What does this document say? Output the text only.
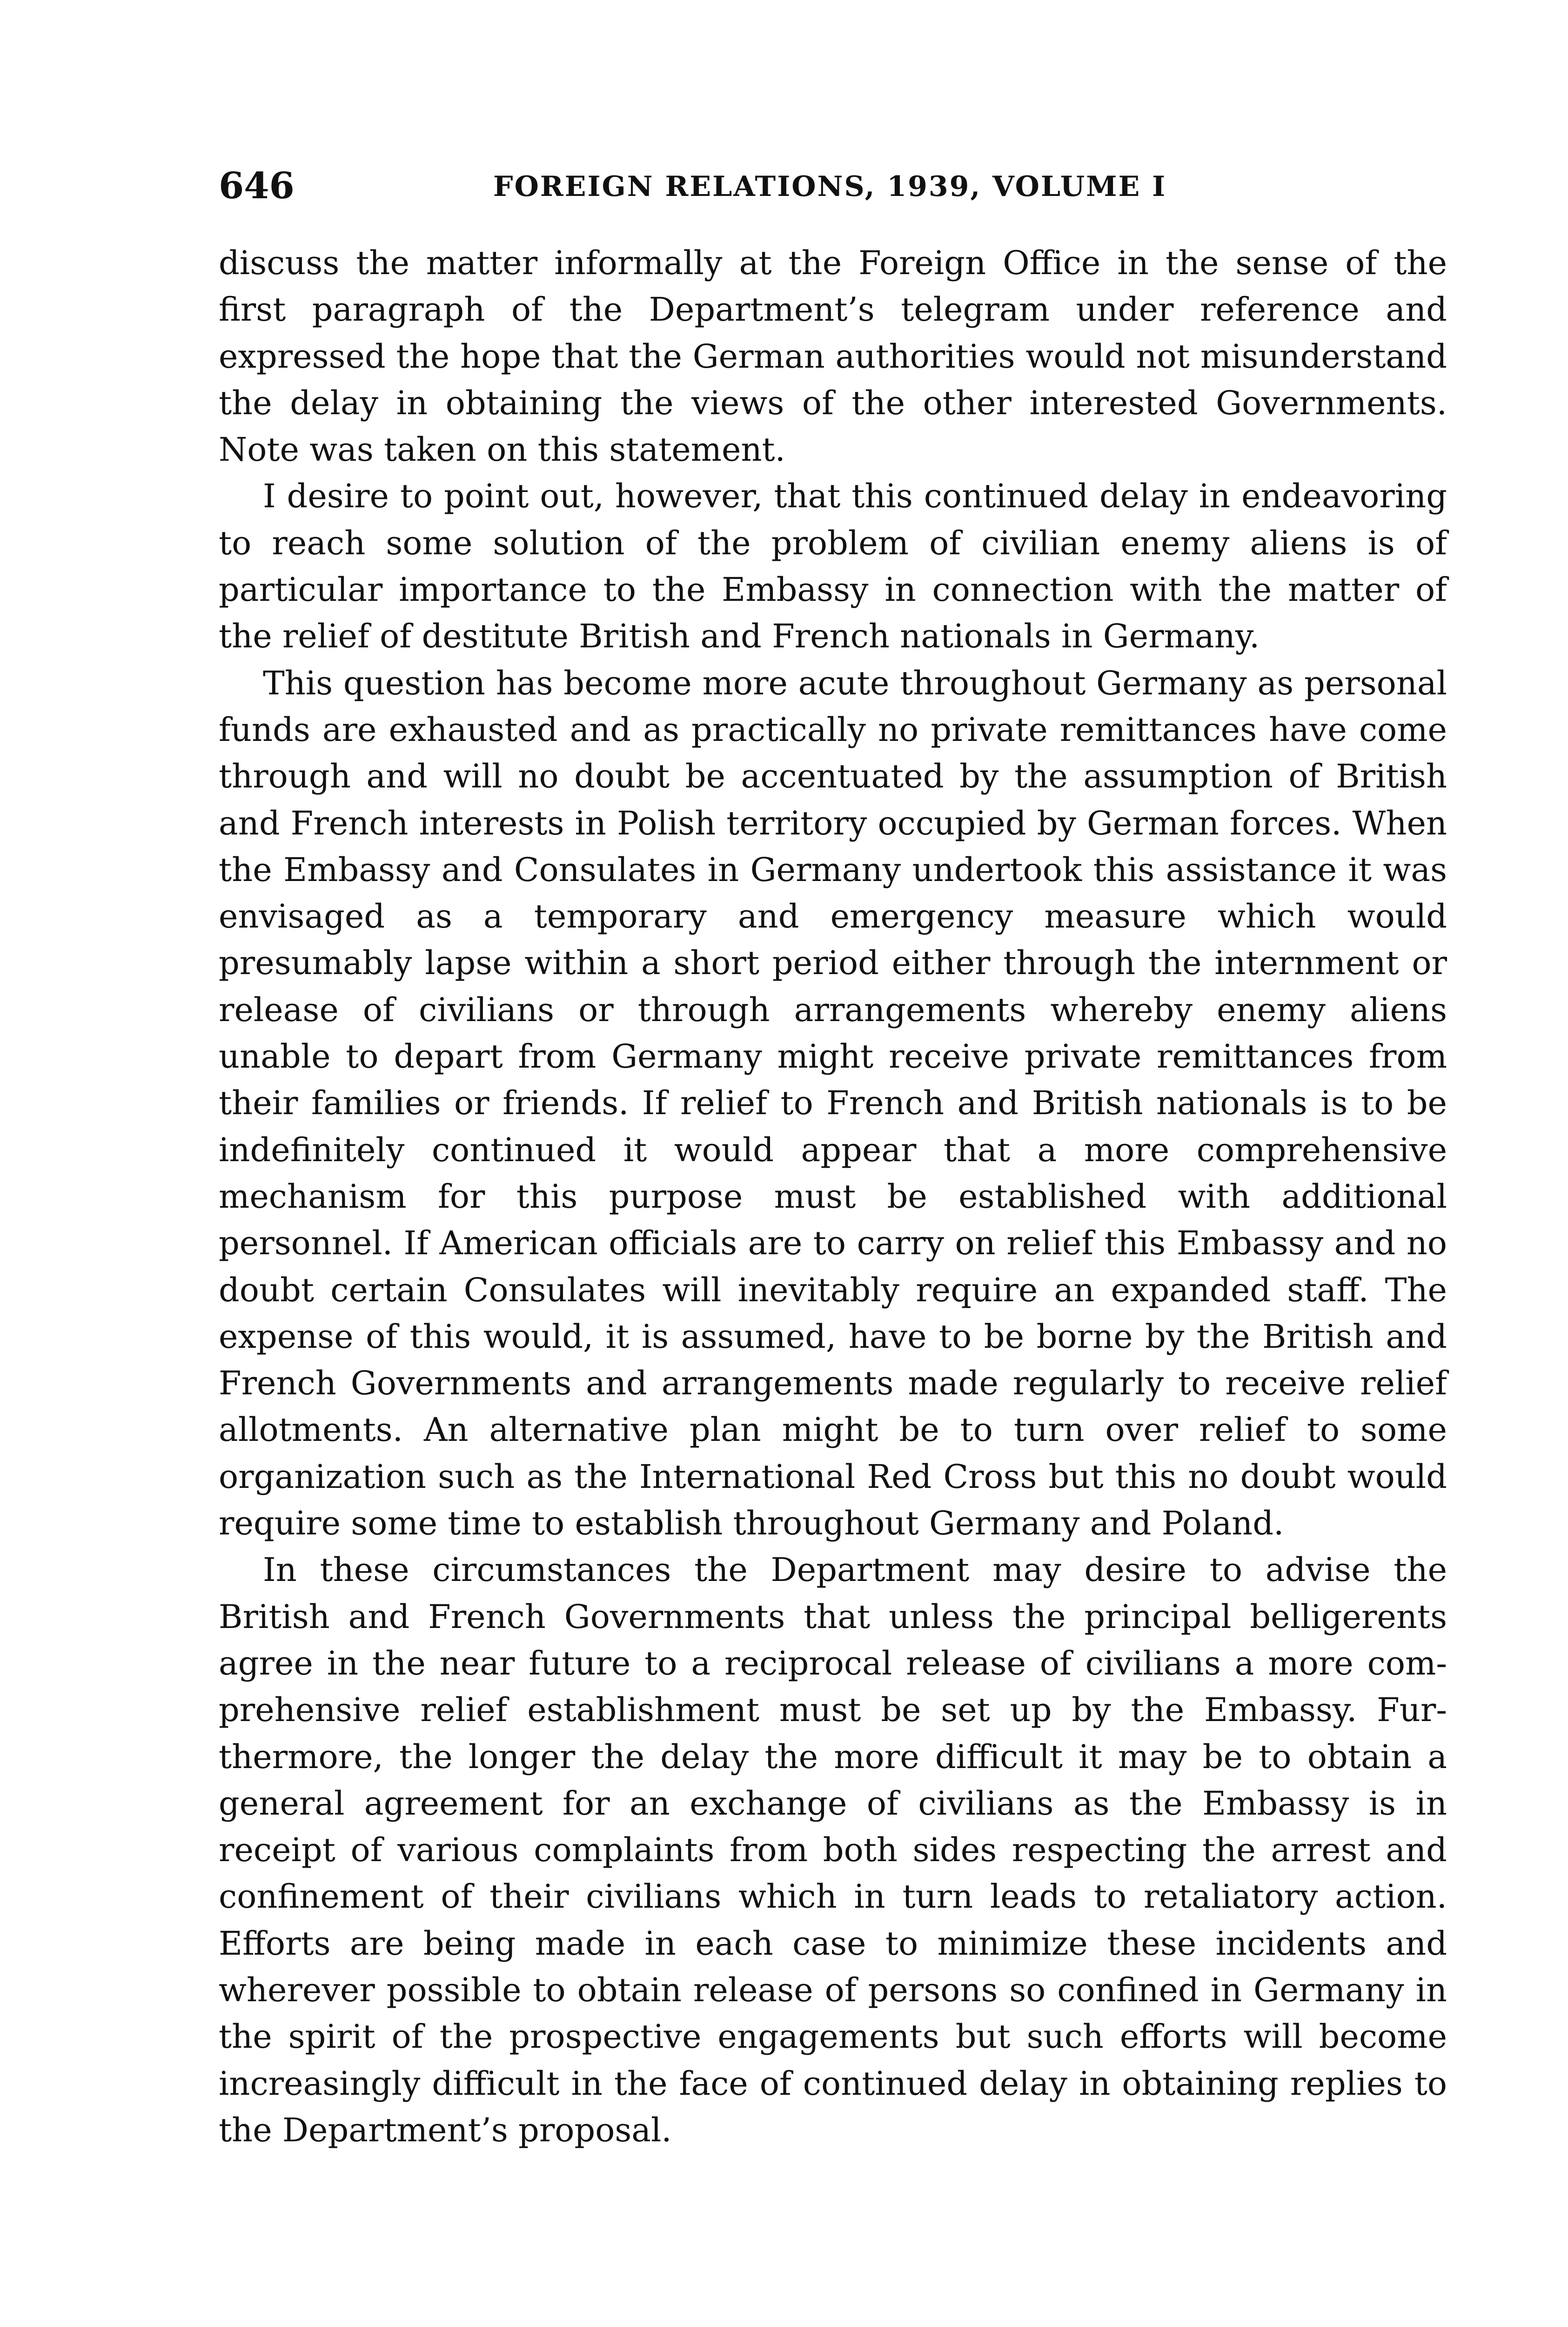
646	FOREIGN RELATIONS, 1939, VOLUME I

discuss the matter informally at the Foreign Office in the sense of the first paragraph of the Department’s telegram under reference and expressed the hope that the German authorities would not misunderstand the delay in obtaining the views of the other interested Governments. Note was taken on this statement.

I desire to point out, however, that this continued delay in endeavoring to reach some solution of the problem of civilian enemy aliens is of particular importance to the Embassy in connection with the matter of the relief of destitute British and French nationals in Germany.

This question has become more acute throughout Germany as personal funds are exhausted and as practically no private remittances have come through and will no doubt be accentuated by the assumption of British and French interests in Polish territory occupied by German forces. When the Embassy and Consulates in Germany undertook this assistance it was envisaged as a temporary and emergency measure which would presumably lapse within a short period either through the internment or release of civilians or through arrangements whereby enemy aliens unable to depart from Germany might receive private remittances from their families or friends. If relief to French and British nationals is to be indefinitely continued it would appear that a more comprehensive mechanism for this purpose must be established with additional personnel. If American officials are to carry on relief this Embassy and no doubt certain Consulates will inevitably require an expanded staff. The expense of this would, it is assumed, have to be borne by the British and French Governments and arrangements made regularly to receive relief allotments. An alternative plan might be to turn over relief to some organization such as the International Red Cross but this no doubt would require some time to establish throughout Germany and Poland.

In these circumstances the Department may desire to advise the British and French Governments that unless the principal belligerents agree in the near future to a reciprocal release of civilians a more comprehensive relief establishment must be set up by the Embassy. Furthermore, the longer the delay the more difficult it may be to obtain a general agreement for an exchange of civilians as the Embassy is in receipt of various complaints from both sides respecting the arrest and confinement of their civilians which in turn leads to retaliatory action. Efforts are being made in each case to minimize these incidents and wherever possible to obtain release of persons so confined in Germany in the spirit of the prospective engagements but such efforts will become increasingly difficult in the face of continued delay in obtaining replies to the Department’s proposal.
